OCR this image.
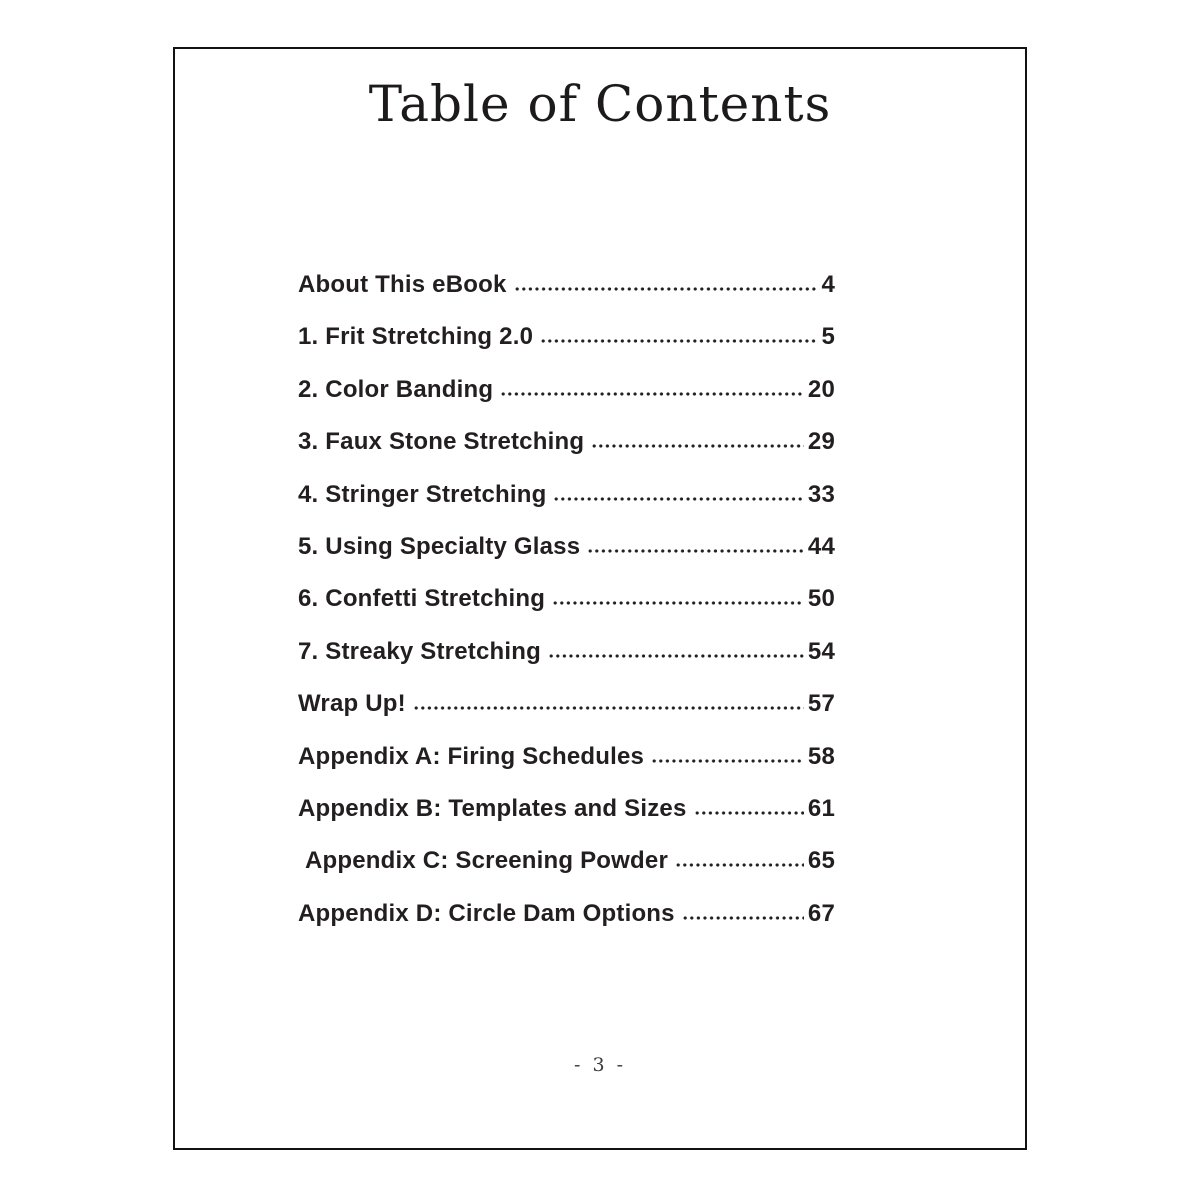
Table of Contents
About This eBook	4
1. Frit Stretching 2.0	5
2. Color Banding	20
3. Faux Stone Stretching	29
4. Stringer Stretching	33
5. Using Specialty Glass	44
6. Confetti Stretching	50
7. Streaky Stretching	54
Wrap Up!	57
Appendix A: Firing Schedules	58
Appendix B: Templates and Sizes	61
Appendix C: Screening Powder	65
Appendix D: Circle Dam Options	67
- 3 -
